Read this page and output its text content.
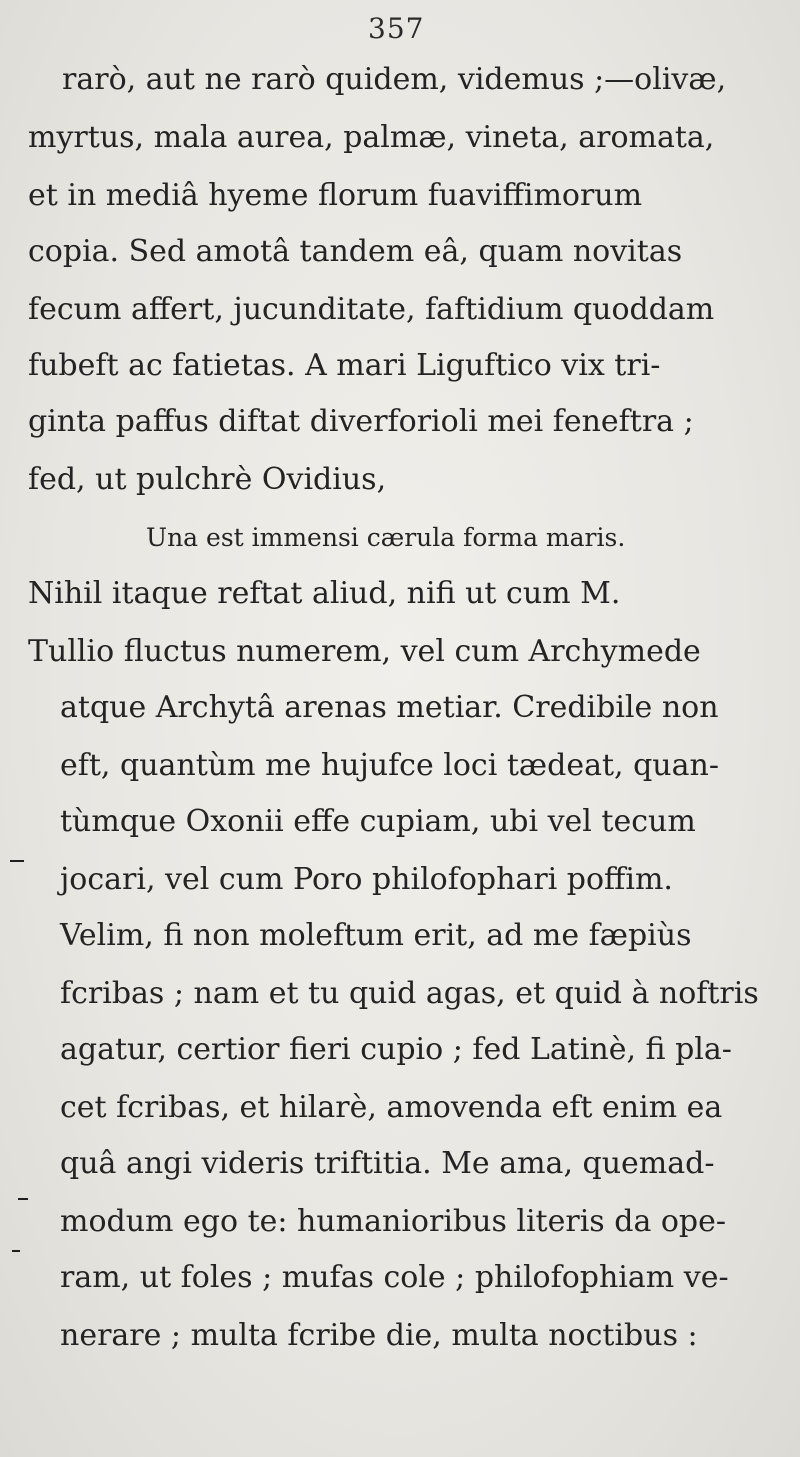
357
rarò, aut ne rarò quidem, videmus ;—olivæ,
myrtus, mala aurea, palmæ, vineta, aromata,
et in mediâ hyeme florum fuaviffimorum
copia. Sed amotâ tandem eâ, quam novitas
fecum affert, jucunditate, faftidium quoddam
fubeft ac fatietas. A mari Liguftico vix tri-
ginta paffus diftat diverforioli mei feneftra ;
fed, ut pulchrè Ovidius,
Una est immensi cærula forma maris.
Nihil itaque reftat aliud, nifi ut cum M.
Tullio fluctus numerem, vel cum Archymede
atque Archytâ arenas metiar. Credibile non
eft, quantùm me hujufce loci tædeat, quan-
tùmque Oxonii effe cupiam, ubi vel tecum
jocari, vel cum Poro philofophari poffim.
Velim, fi non moleftum erit, ad me fæpiùs
fcribas ; nam et tu quid agas, et quid à noftris
agatur, certior fieri cupio ; fed Latinè, fi pla-
cet fcribas, et hilarè, amovenda eft enim ea
quâ angi videris triftitia. Me ama, quemad-
modum ego te: humanioribus literis da ope-
ram, ut foles ; mufas cole ; philofophiam ve-
nerare ; multa fcribe die, multa noctibus :
